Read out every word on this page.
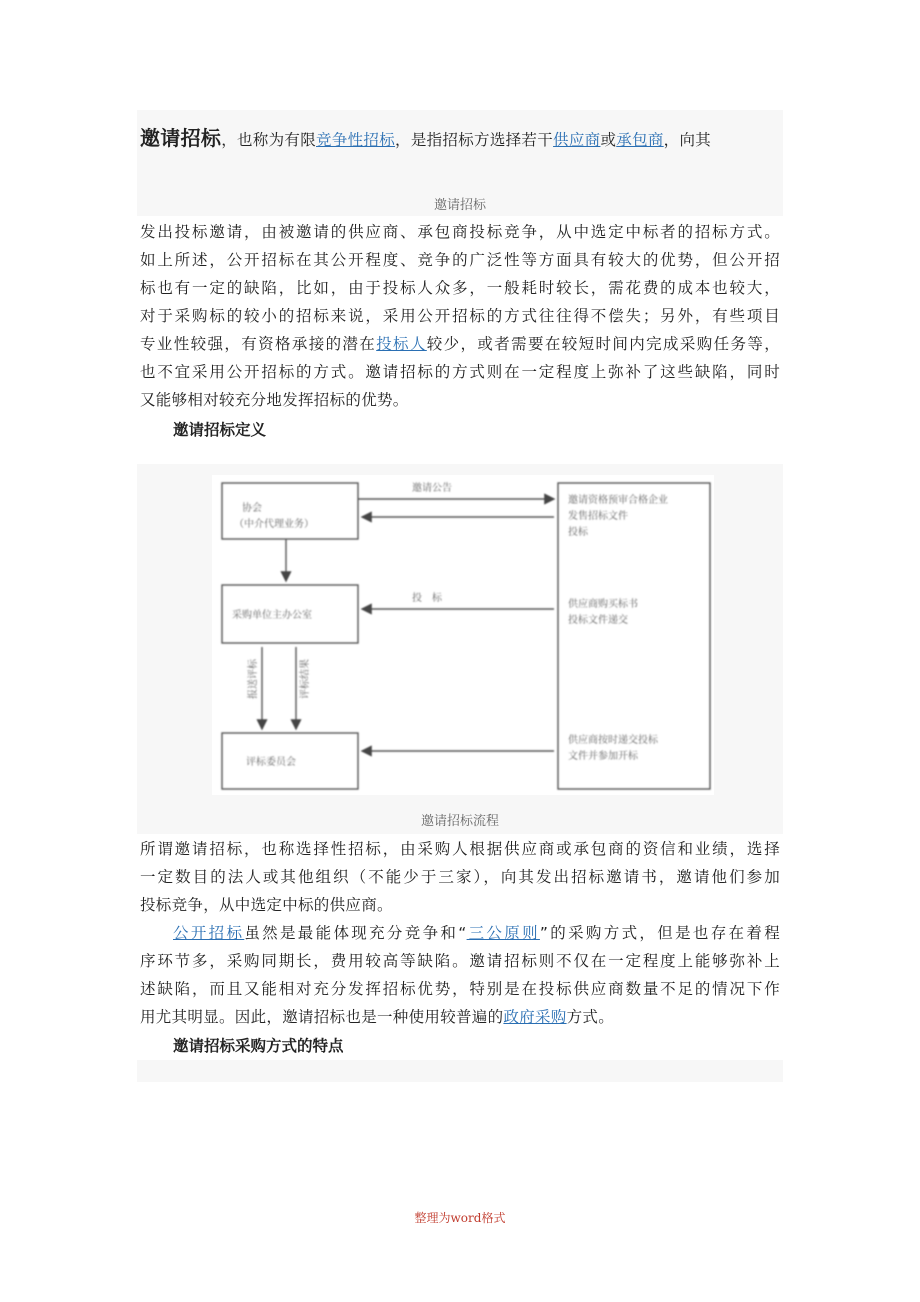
邀请招标，也称为有限竞争性招标，是指招标方选择若干供应商或承包商，向其
邀请招标
发出投标邀请，由被邀请的供应商、承包商投标竞争，从中选定中标者的招标方式。
如上所述，公开招标在其公开程度、竞争的广泛性等方面具有较大的优势，但公开招
标也有一定的缺陷，比如，由于投标人众多，一般耗时较长，需花费的成本也较大，
对于采购标的较小的招标来说，采用公开招标的方式往往得不偿失；另外，有些项目
专业性较强，有资格承接的潜在投标人较少，或者需要在较短时间内完成采购任务等，
也不宜采用公开招标的方式。邀请招标的方式则在一定程度上弥补了这些缺陷，同时
又能够相对较充分地发挥招标的优势。
邀请招标定义
邀请公告
投　标
协会
（中介代理业务）
采购单位主办公室
评标委员会
邀请资格预审合格企业
发售招标文件
投标
供应商购买标书
投标文件递交
供应商按时递交投标
文件并参加开标
报送评标	评标结果
邀请招标流程
所谓邀请招标，也称选择性招标，由采购人根据供应商或承包商的资信和业绩，选择
一定数目的法人或其他组织（不能少于三家），向其发出招标邀请书，邀请他们参加
投标竞争，从中选定中标的供应商。
公开招标虽然是最能体现充分竞争和“三公原则”的采购方式，但是也存在着程
序环节多，采购同期长，费用较高等缺陷。邀请招标则不仅在一定程度上能够弥补上
述缺陷，而且又能相对充分发挥招标优势，特别是在投标供应商数量不足的情况下作
用尤其明显。因此，邀请招标也是一种使用较普遍的政府采购方式。
邀请招标采购方式的特点
整理为word格式
